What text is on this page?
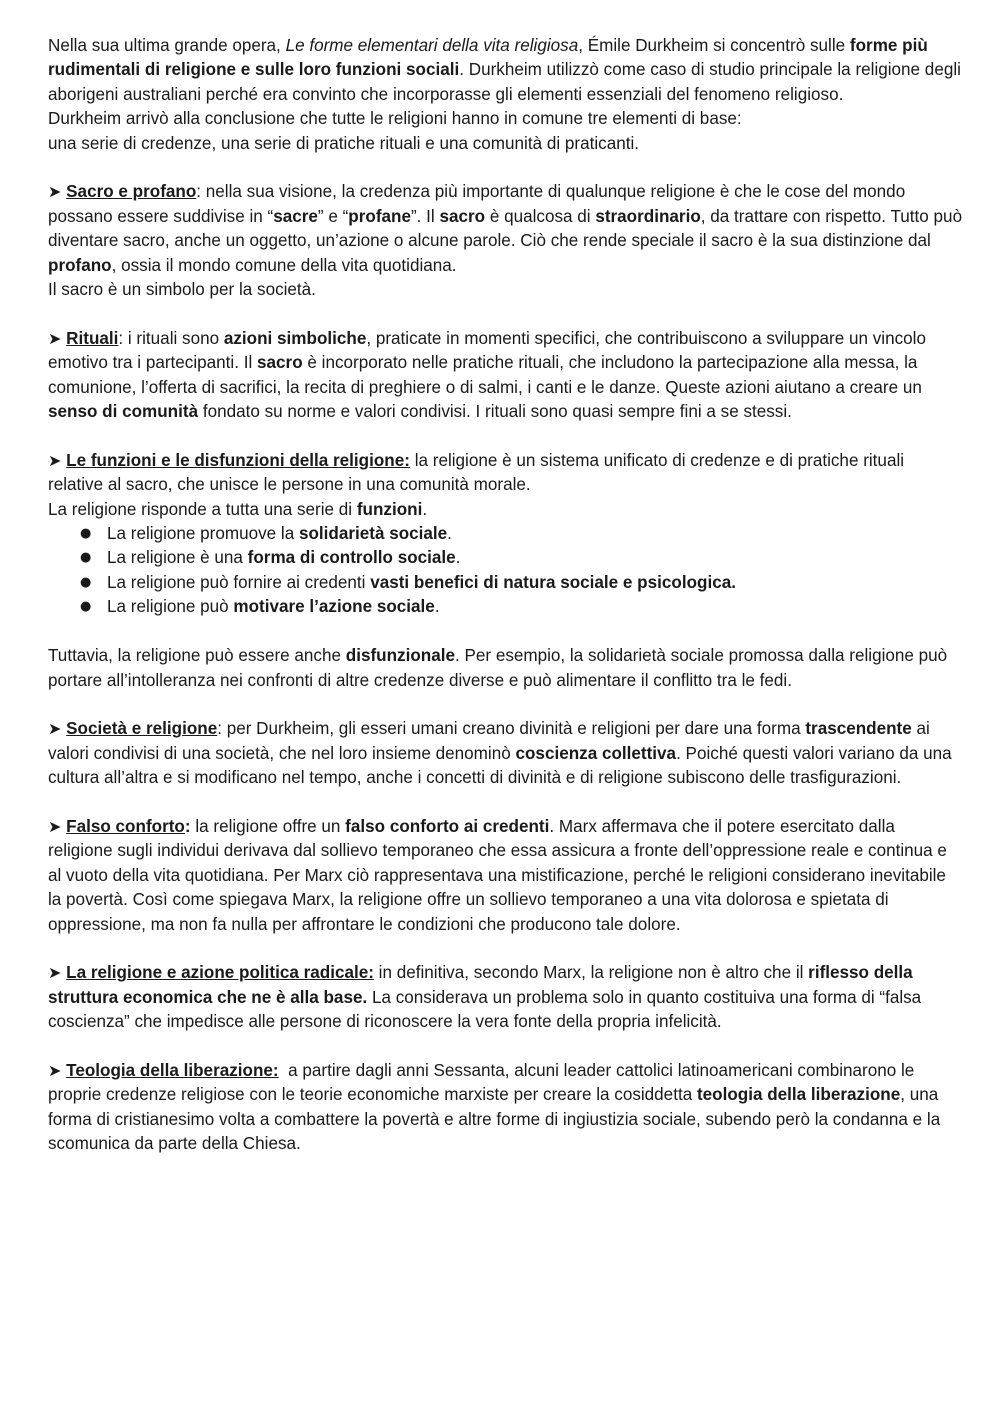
Nella sua ultima grande opera, Le forme elementari della vita religiosa, Émile Durkheim si concentrò sulle forme più rudimentali di religione e sulle loro funzioni sociali. Durkheim utilizzò come caso di studio principale la religione degli aborigeni australiani perché era convinto che incorporasse gli elementi essenziali del fenomeno religioso.

Durkheim arrivò alla conclusione che tutte le religioni hanno in comune tre elementi di base:

una serie di credenze, una serie di pratiche rituali e una comunità di praticanti.

➤ Sacro e profano: nella sua visione, la credenza più importante di qualunque religione è che le cose del mondo possano essere suddivise in “sacre” e “profane”. Il sacro è qualcosa di straordinario, da trattare con rispetto. Tutto può diventare sacro, anche un oggetto, un’azione o alcune parole. Ciò che rende speciale il sacro è la sua distinzione dal profano, ossia il mondo comune della vita quotidiana.

Il sacro è un simbolo per la società.

➤ Rituali: i rituali sono azioni simboliche, praticate in momenti specifici, che contribuiscono a sviluppare un vincolo emotivo tra i partecipanti. Il sacro è incorporato nelle pratiche rituali, che includono la partecipazione alla messa, la comunione, l’offerta di sacrifici, la recita di preghiere o di salmi, i canti e le danze. Queste azioni aiutano a creare un senso di comunità fondato su norme e valori condivisi. I rituali sono quasi sempre fini a se stessi.

➤ Le funzioni e le disfunzioni della religione: la religione è un sistema unificato di credenze e di pratiche rituali relative al sacro, che unisce le persone in una comunità morale.

La religione risponde a tutta una serie di funzioni.

● La religione promuove la solidarietà sociale.
● La religione è una forma di controllo sociale.
● La religione può fornire ai credenti vasti benefici di natura sociale e psicologica.
● La religione può motivare l’azione sociale.

Tuttavia, la religione può essere anche disfunzionale. Per esempio, la solidarietà sociale promossa dalla religione può portare all’intolleranza nei confronti di altre credenze diverse e può alimentare il conflitto tra le fedi.

➤ Società e religione: per Durkheim, gli esseri umani creano divinità e religioni per dare una forma trascendente ai valori condivisi di una società, che nel loro insieme denominò coscienza collettiva. Poiché questi valori variano da una cultura all’altra e si modificano nel tempo, anche i concetti di divinità e di religione subiscono delle trasfigurazioni.

➤ Falso conforto: la religione offre un falso conforto ai credenti. Marx affermava che il potere esercitato dalla religione sugli individui derivava dal sollievo temporaneo che essa assicura a fronte dell’oppressione reale e continua e al vuoto della vita quotidiana. Per Marx ciò rappresentava una mistificazione, perché le religioni considerano inevitabile la povertà. Così come spiegava Marx, la religione offre un sollievo temporaneo a una vita dolorosa e spietata di oppressione, ma non fa nulla per affrontare le condizioni che producono tale dolore.

➤ La religione e azione politica radicale: in definitiva, secondo Marx, la religione non è altro che il riflesso della struttura economica che ne è alla base. La considerava un problema solo in quanto costituiva una forma di “falsa coscienza” che impedisce alle persone di riconoscere la vera fonte della propria infelicità.

➤ Teologia della liberazione:  a partire dagli anni Sessanta, alcuni leader cattolici latinoamericani combinarono le proprie credenze religiose con le teorie economiche marxiste per creare la cosiddetta teologia della liberazione, una forma di cristianesimo volta a combattere la povertà e altre forme di ingiustizia sociale, subendo però la condanna e la scomunica da parte della Chiesa.
